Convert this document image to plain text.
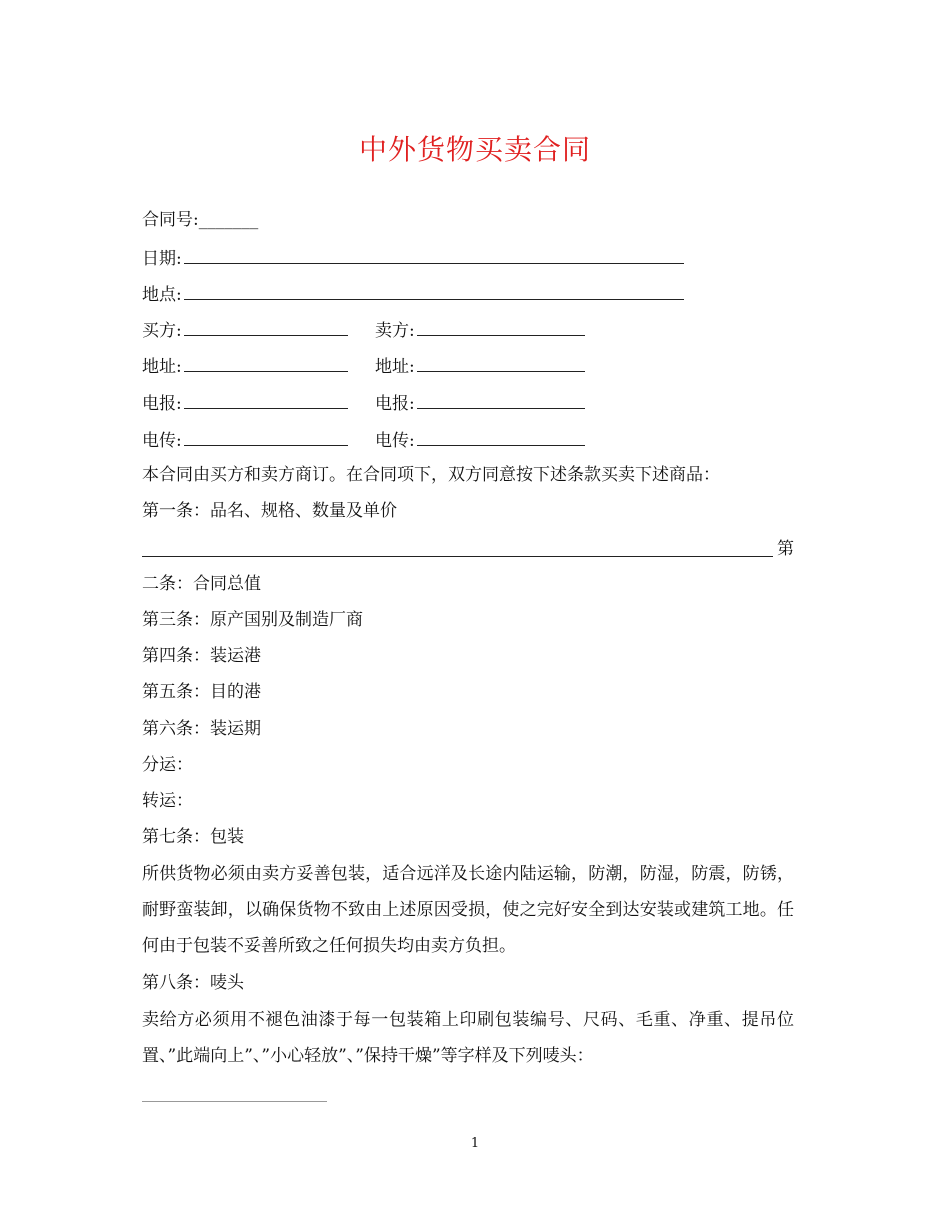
中外货物买卖合同
合同号:_______
日期:
地点:
买方:	卖方:
地址:	地址:
电报:	电报:
电传:	电传:
本合同由买方和卖方商订。在合同项下，双方同意按下述条款买卖下述商品：
第一条：品名、规格、数量及单价
第
二条：合同总值
第三条：原产国别及制造厂商
第四条：装运港
第五条：目的港
第六条：装运期
分运：
转运：
第七条：包装
所供货物必须由卖方妥善包装，适合远洋及长途内陆运输，防潮，防湿，防震，防锈，耐野蛮装卸，以确保货物不致由上述原因受损，使之完好安全到达安装或建筑工地。任何由于包装不妥善所致之任何损失均由卖方负担。
第八条：唛头
卖给方必须用不褪色油漆于每一包装箱上印刷包装编号、尺码、毛重、净重、提吊位置、”此端向上”、”小心轻放”、”保持干燥”等字样及下列唛头：
1
